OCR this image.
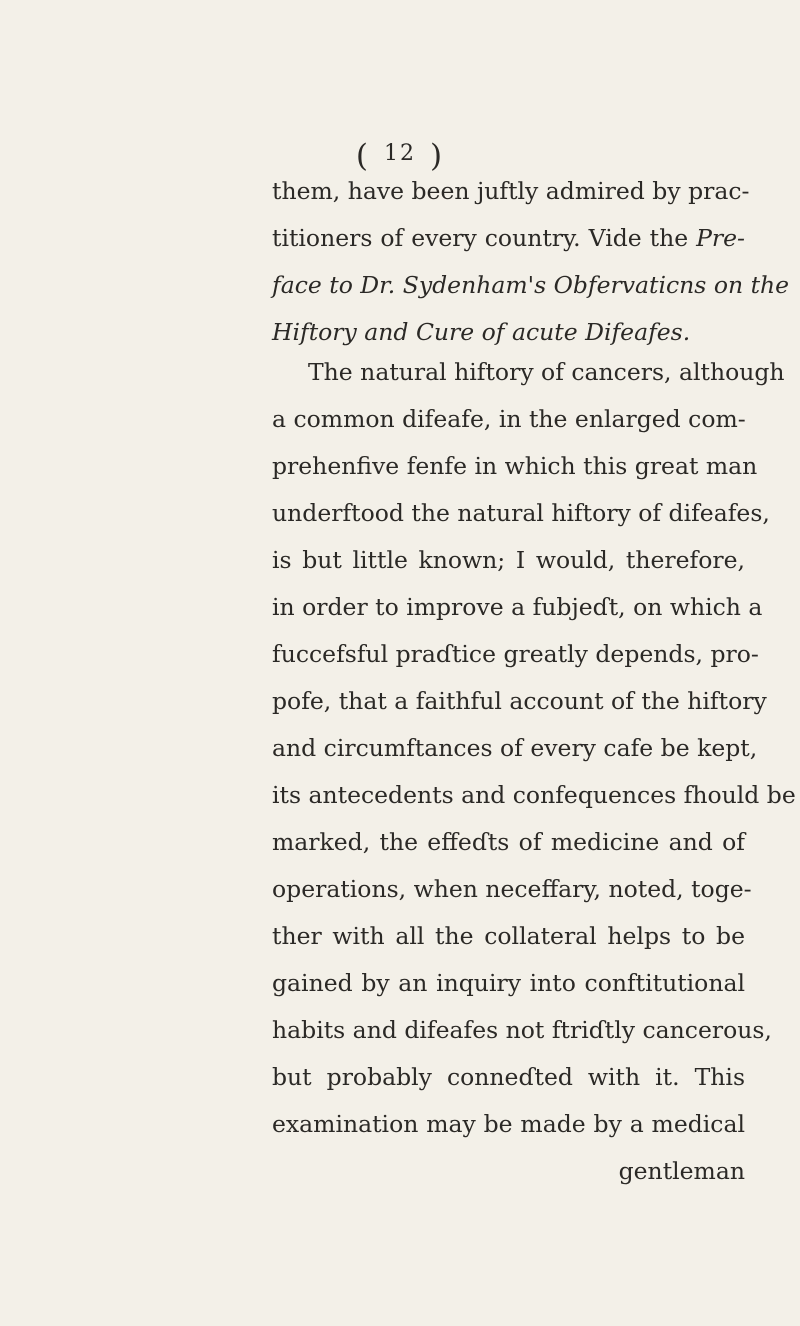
( 12 )
them, have been juftly admired by prac-
titioners of every country. Vide the Pre-
face to Dr. Sydenham's Obfervaticns on the
Hiftory and Cure of acute Difeafes.
The natural hiftory of cancers, although
a common difeafe, in the enlarged com-
prehenfive fenfe in which this great man
underftood the natural hiftory of difeafes,
is but little known; I would, therefore,
in order to improve a fubjeɗt, on which a
fuccefsful praɗtice greatly depends, pro-
pofe, that a faithful account of the hiftory
and circumftances of every cafe be kept,
its antecedents and confequences fhould be
marked, the effeɗts of medicine and of
operations, when neceffary, noted, toge-
ther with all the collateral helps to be
gained by an inquiry into conftitutional
habits and difeafes not ftriɗtly cancerous,
but probably conneɗted with it. This
examination may be made by a medical
gentleman
